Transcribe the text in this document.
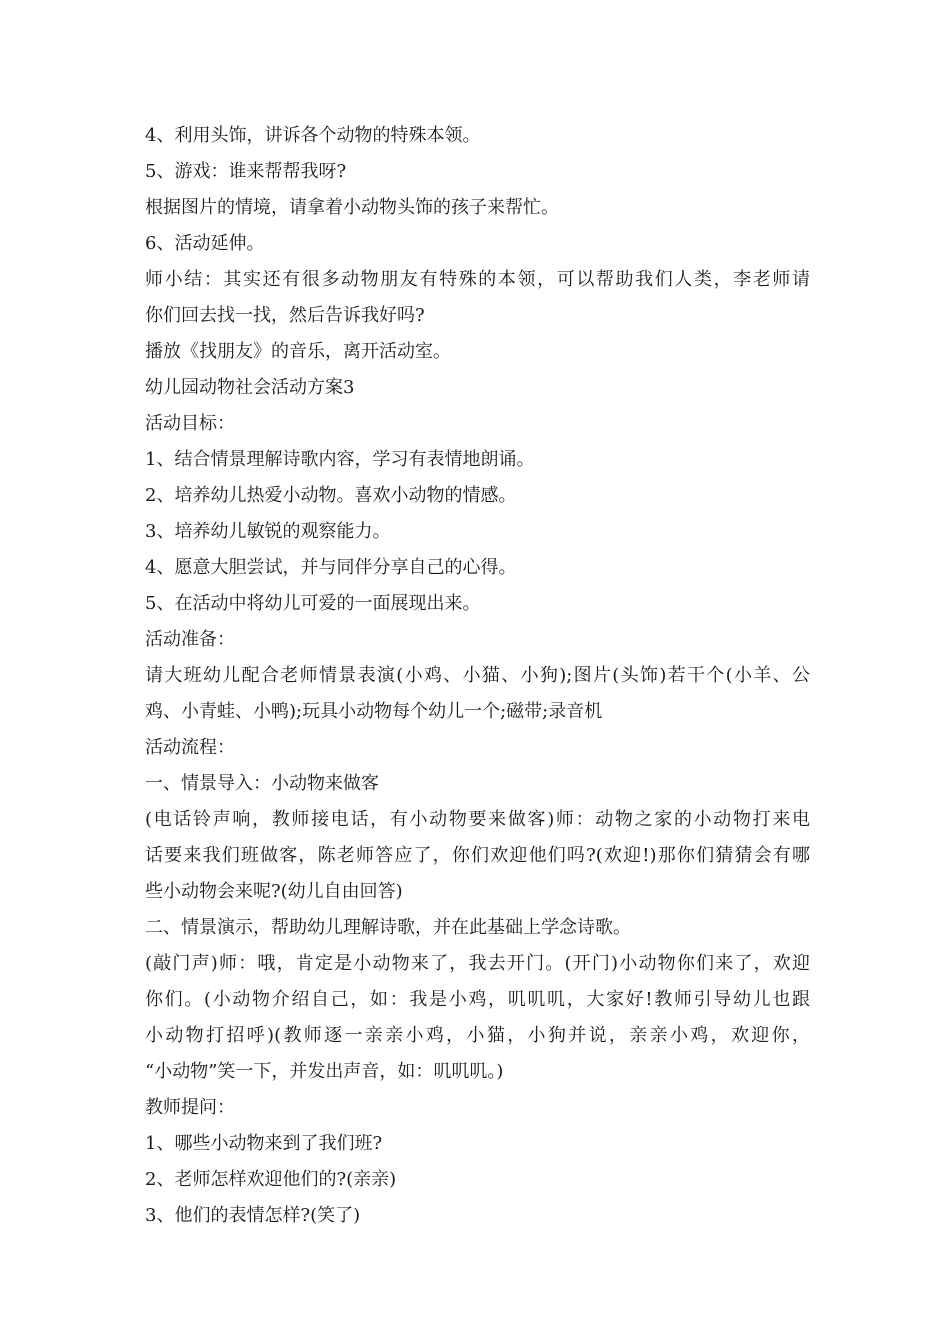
4、利用头饰，讲诉各个动物的特殊本领。
5、游戏：谁来帮帮我呀?
根据图片的情境，请拿着小动物头饰的孩子来帮忙。
6、活动延伸。
师小结：其实还有很多动物朋友有特殊的本领，可以帮助我们人类，李老师请
你们回去找一找，然后告诉我好吗?
播放《找朋友》的音乐，离开活动室。
幼儿园动物社会活动方案3
活动目标：
1、结合情景理解诗歌内容，学习有表情地朗诵。
2、培养幼儿热爱小动物。喜欢小动物的情感。
3、培养幼儿敏锐的观察能力。
4、愿意大胆尝试，并与同伴分享自己的心得。
5、在活动中将幼儿可爱的一面展现出来。
活动准备：
请大班幼儿配合老师情景表演(小鸡、小猫、小狗);图片(头饰)若干个(小羊、公
鸡、小青蛙、小鸭);玩具小动物每个幼儿一个;磁带;录音机
活动流程：
一、情景导入：小动物来做客
(电话铃声响，教师接电话，有小动物要来做客)师：动物之家的小动物打来电
话要来我们班做客，陈老师答应了，你们欢迎他们吗?(欢迎!)那你们猜猜会有哪
些小动物会来呢?(幼儿自由回答)
二、情景演示，帮助幼儿理解诗歌，并在此基础上学念诗歌。
(敲门声)师：哦，肯定是小动物来了，我去开门。(开门)小动物你们来了，欢迎
你们。(小动物介绍自己，如：我是小鸡，叽叽叽，大家好!教师引导幼儿也跟
小动物打招呼)(教师逐一亲亲小鸡，小猫，小狗并说，亲亲小鸡，欢迎你，
“小动物”笑一下，并发出声音，如：叽叽叽。)
教师提问：
1、哪些小动物来到了我们班?
2、老师怎样欢迎他们的?(亲亲)
3、他们的表情怎样?(笑了)
